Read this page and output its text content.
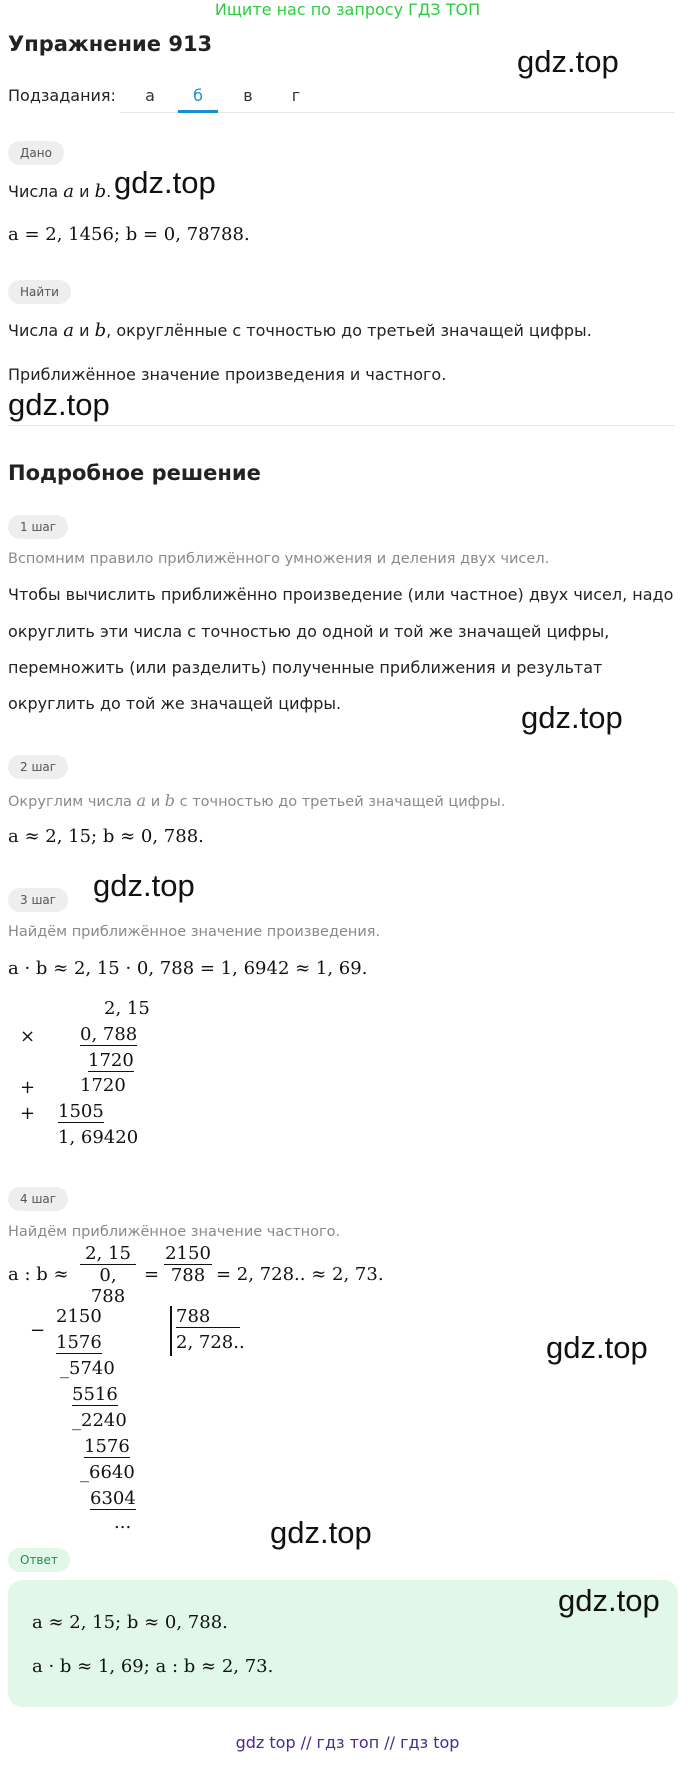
Ищите нас по запросу ГДЗ ТОП
Упражнение 913	gdz.top
Подзадания:	а	б	в	г
Дано
Числа a и b. gdz.top
a = 2, 1456; b = 0, 78788.
Найти
Числа a и b, округлённые с точностью до третьей значащей цифры.
Приближённое значение произведения и частного.
gdz.top
Подробное решение
1 шаг
Вспомним правило приближённого умножения и деления двух чисел.
Чтобы вычислить приближённо произведение (или частное) двух чисел, надо
округлить эти числа с точностью до одной и той же значащей цифры,
перемножить (или разделить) полученные приближения и результат
округлить до той же значащей цифры.	gdz.top
2 шаг
Округлим числа a и b с точностью до третьей значащей цифры.
a ≈ 2, 15; b ≈ 0, 788.
gdz.top
3 шаг
Найдём приближённое значение произведения.
a · b ≈ 2, 15 · 0, 788 = 1, 6942 ≈ 1, 69.
2, 15
× 0, 788
1720
+ 1720
+ 1505
1, 69420
4 шаг
Найдём приближённое значение частного.
a : $b \approx \frac{2, 15}{0, 788} = \frac{2150}{788} = 2$, 728.. ≈ 2, 73.
−
2150
1576
_5740
5516
_2240
1576
_6640
6304
...
788
2, 728..	gdz.top
gdz.top
Ответ
gdz.top
a ≈ 2, 15; b ≈ 0, 788.
a · b ≈ 1, 69; a : b ≈ 2, 73.
gdz top // гдз топ // гдз top
